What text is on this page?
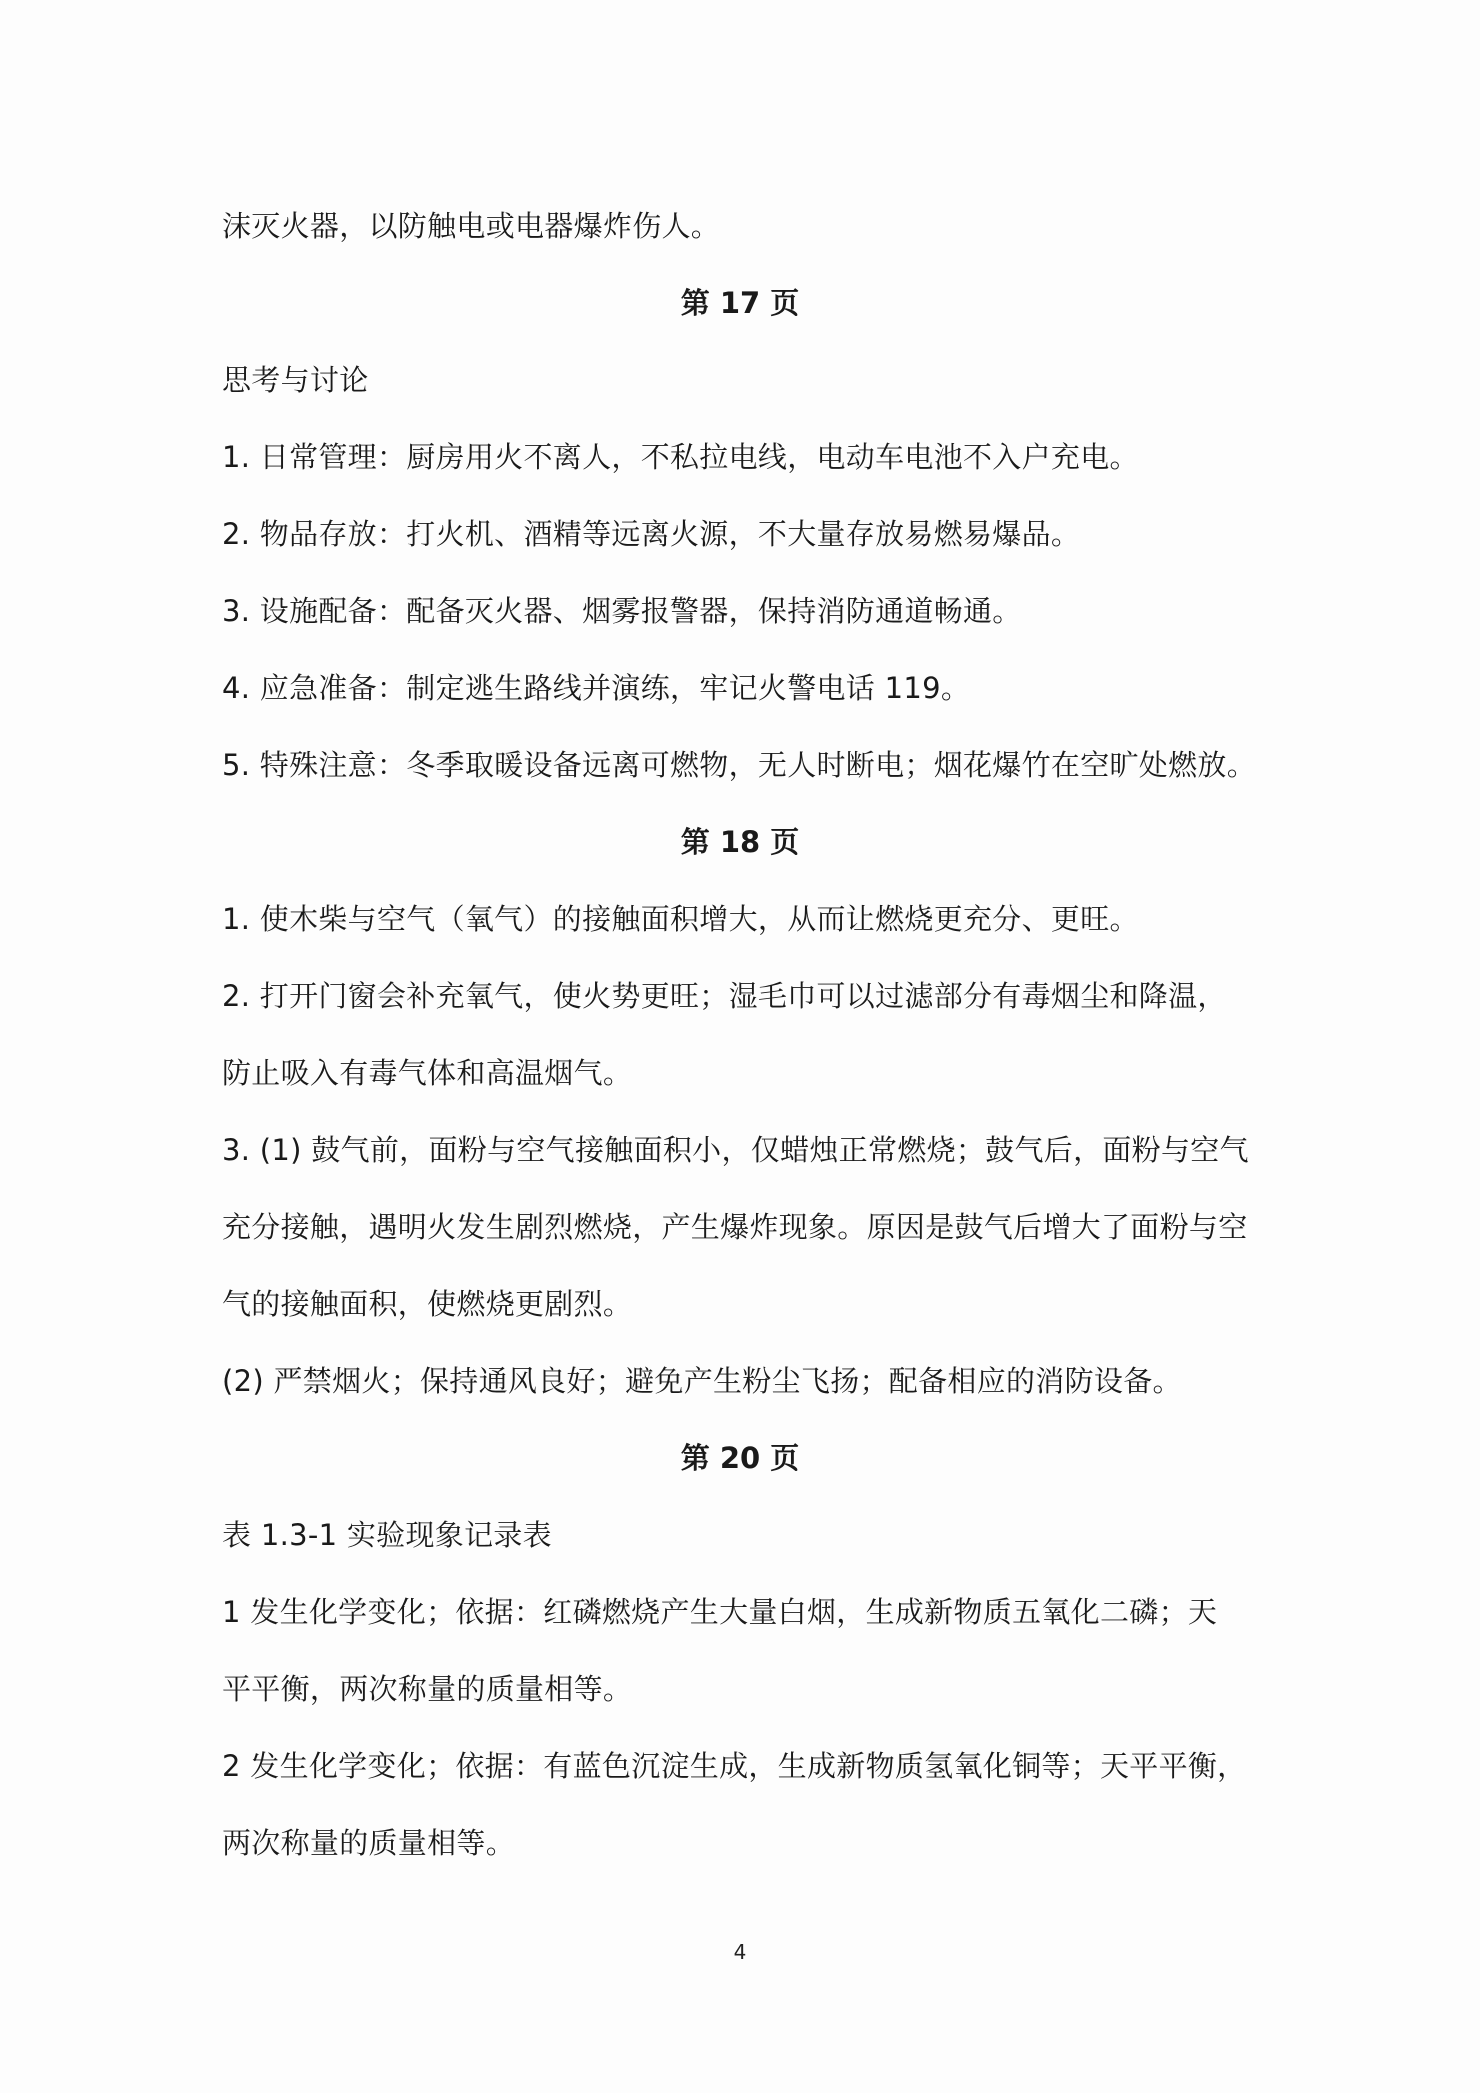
沫灭火器，以防触电或电器爆炸伤人。

第 17 页

思考与讨论

1. 日常管理：厨房用火不离人，不私拉电线，电动车电池不入户充电。

2. 物品存放：打火机、酒精等远离火源，不大量存放易燃易爆品。

3. 设施配备：配备灭火器、烟雾报警器，保持消防通道畅通。

4. 应急准备：制定逃生路线并演练，牢记火警电话 119。

5. 特殊注意：冬季取暖设备远离可燃物，无人时断电；烟花爆竹在空旷处燃放。

第 18 页

1. 使木柴与空气（氧气）的接触面积增大，从而让燃烧更充分、更旺。

2. 打开门窗会补充氧气，使火势更旺；湿毛巾可以过滤部分有毒烟尘和降温，

防止吸入有毒气体和高温烟气。

3. (1) 鼓气前，面粉与空气接触面积小，仅蜡烛正常燃烧；鼓气后，面粉与空气

充分接触，遇明火发生剧烈燃烧，产生爆炸现象。原因是鼓气后增大了面粉与空

气的接触面积，使燃烧更剧烈。

(2) 严禁烟火；保持通风良好；避免产生粉尘飞扬；配备相应的消防设备。

第 20 页

表 1.3-1 实验现象记录表

1 发生化学变化；依据：红磷燃烧产生大量白烟，生成新物质五氧化二磷；天

平平衡，两次称量的质量相等。

2 发生化学变化；依据：有蓝色沉淀生成，生成新物质氢氧化铜等；天平平衡，

两次称量的质量相等。

4
